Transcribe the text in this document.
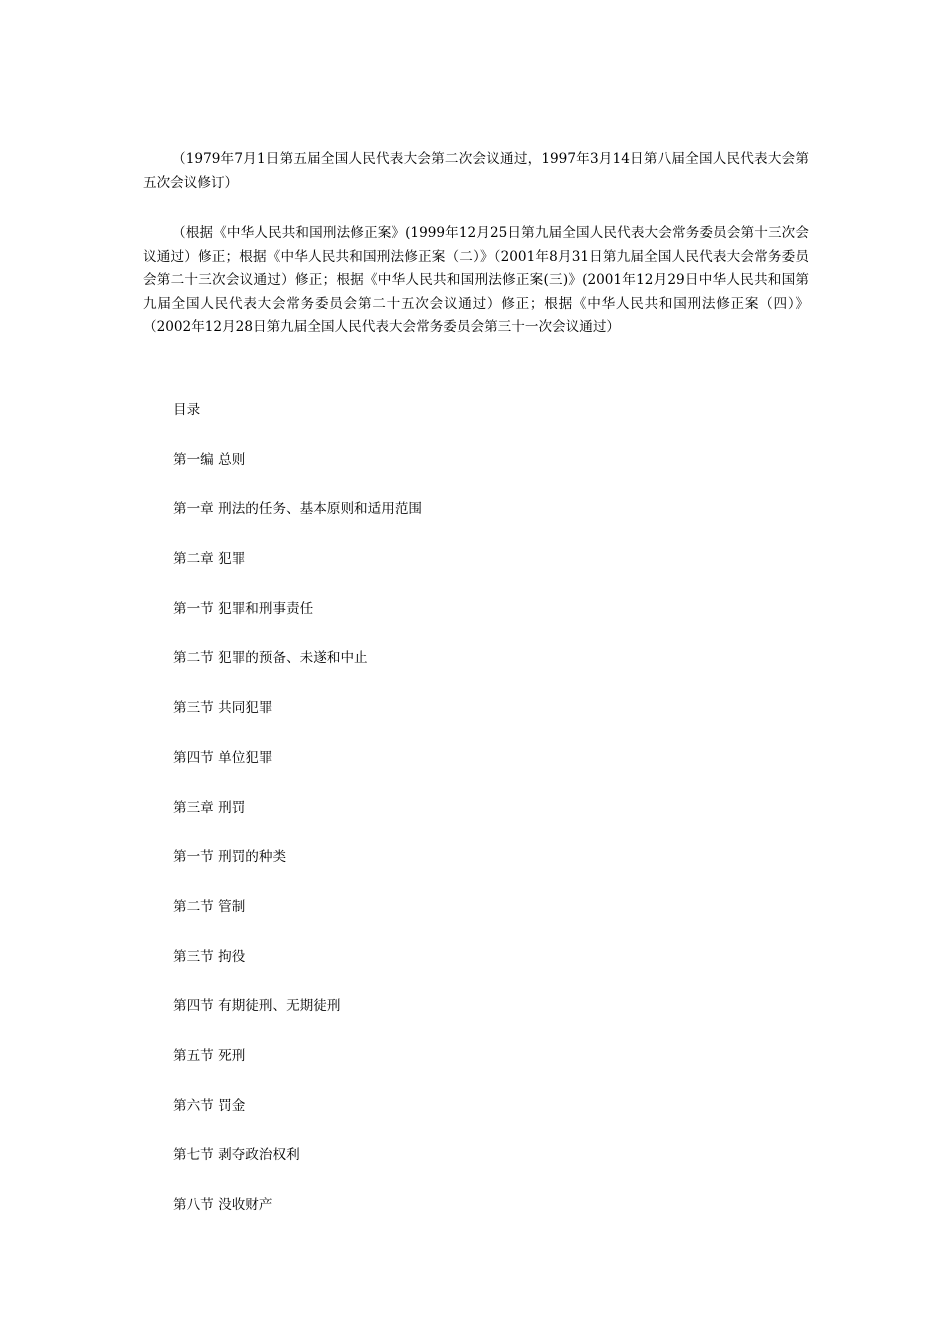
（1979年7月1日第五届全国人民代表大会第二次会议通过，1997年3月14日第八届全国人民代表大会第五次会议修订）

（根据《中华人民共和国刑法修正案》(1999年12月25日第九届全国人民代表大会常务委员会第十三次会议通过）修正；根据《中华人民共和国刑法修正案（二）》（2001年8月31日第九届全国人民代表大会常务委员会第二十三次会议通过）修正；根据《中华人民共和国刑法修正案(三)》(2001年12月29日中华人民共和国第九届全国人民代表大会常务委员会第二十五次会议通过）修正；根据《中华人民共和国刑法修正案（四）》（2002年12月28日第九届全国人民代表大会常务委员会第三十一次会议通过）

目录
第一编 总则
第一章 刑法的任务、基本原则和适用范围
第二章 犯罪
第一节 犯罪和刑事责任
第二节 犯罪的预备、未遂和中止
第三节 共同犯罪
第四节 单位犯罪
第三章 刑罚
第一节 刑罚的种类
第二节 管制
第三节 拘役
第四节 有期徒刑、无期徒刑
第五节 死刑
第六节 罚金
第七节 剥夺政治权利
第八节 没收财产
